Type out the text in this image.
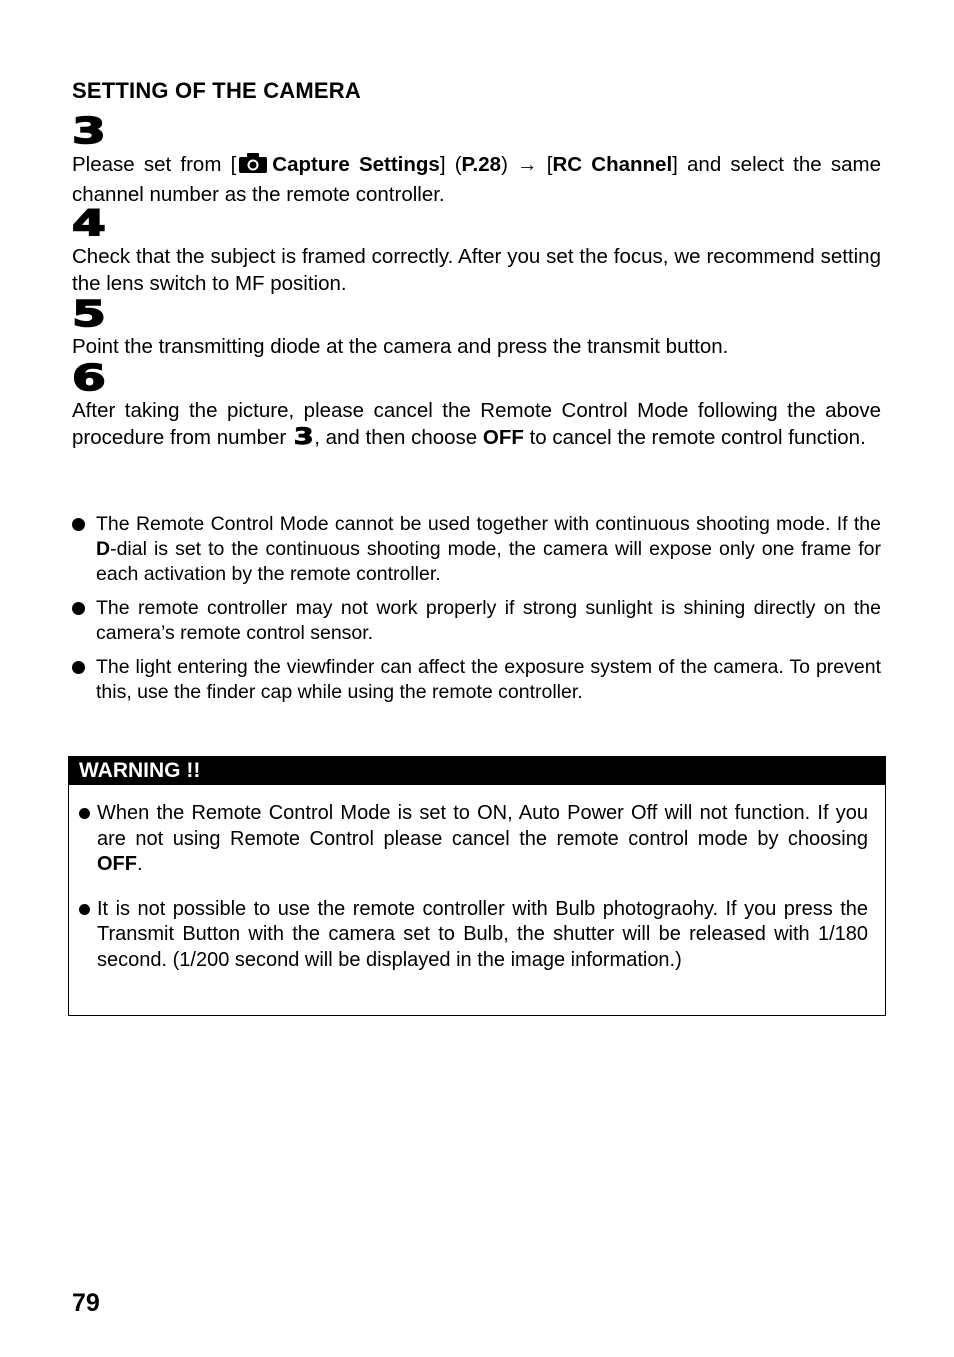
SETTING OF THE CAMERA
3

Please set from [ Capture Settings] (P.28) → [RC Channel] and select the same channel number as the remote controller.

4

Check that the subject is framed correctly. After you set the focus, we recommend setting the lens switch to MF position.

5

Point the transmitting diode at the camera and press the transmit button.

6

After taking the picture, please cancel the Remote Control Mode following the above procedure from number 3, and then choose OFF to cancel the remote control function.

The Remote Control Mode cannot be used together with continuous shooting mode. If the D-dial is set to the continuous shooting mode, the camera will expose only one frame for each activation by the remote controller.
The remote controller may not work properly if strong sunlight is shining directly on the camera’s remote control sensor.
The light entering the viewfinder can affect the exposure system of the camera. To prevent this, use the finder cap while using the remote controller.
WARNING !!
When the Remote Control Mode is set to ON, Auto Power Off will not function. If you are not using Remote Control please cancel the remote control mode by choosing OFF.
It is not possible to use the remote controller with Bulb photograohy. If you press the Transmit Button with the camera set to Bulb, the shutter will be released with 1/180 second. (1/200 second will be displayed in the image information.)
79
